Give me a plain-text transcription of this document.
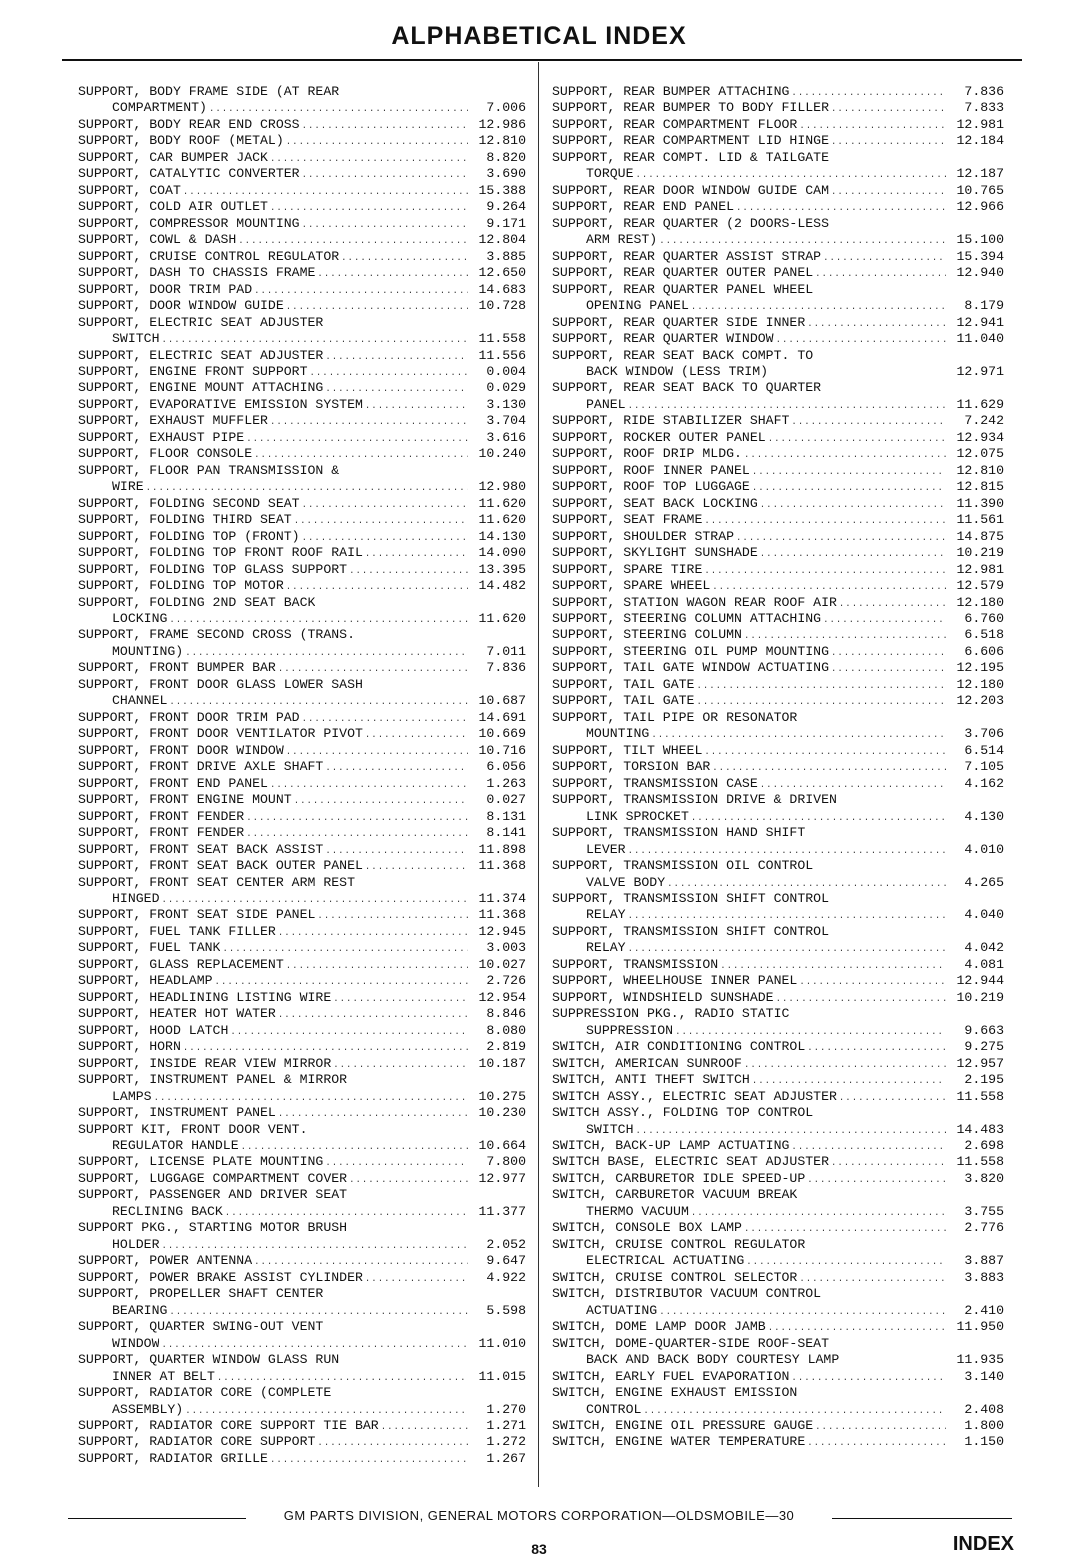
ALPHABETICAL INDEX
SUPPORT, BODY FRAME SIDE (AT REAR
COMPARTMENT) .....	7.006
SUPPORT, BODY REAR END CROSS .....	12.986
SUPPORT, BODY ROOF (METAL) .....	12.810
SUPPORT, CAR BUMPER JACK .....	8.820
SUPPORT, CATALYTIC CONVERTER .....	3.690
SUPPORT, COAT .....	15.388
SUPPORT, COLD AIR OUTLET .....	9.264
SUPPORT, COMPRESSOR MOUNTING .....	9.171
SUPPORT, COWL & DASH .....	12.804
SUPPORT, CRUISE CONTROL REGULATOR .....	3.885
SUPPORT, DASH TO CHASSIS FRAME .....	12.650
SUPPORT, DOOR TRIM PAD .....	14.683
SUPPORT, DOOR WINDOW GUIDE .....	10.728
SUPPORT, ELECTRIC SEAT ADJUSTER
SWITCH .....	11.558
SUPPORT, ELECTRIC SEAT ADJUSTER .....	11.556
SUPPORT, ENGINE FRONT SUPPORT .....	0.004
SUPPORT, ENGINE MOUNT ATTACHING .....	0.029
SUPPORT, EVAPORATIVE EMISSION SYSTEM .....	3.130
SUPPORT, EXHAUST MUFFLER .....	3.704
SUPPORT, EXHAUST PIPE .....	3.616
SUPPORT, FLOOR CONSOLE .....	10.240
SUPPORT, FLOOR PAN TRANSMISSION &
WIRE .....	12.980
SUPPORT, FOLDING SECOND SEAT .....	11.620
SUPPORT, FOLDING THIRD SEAT .....	11.620
SUPPORT, FOLDING TOP (FRONT) .....	14.130
SUPPORT, FOLDING TOP FRONT ROOF RAIL .....	14.090
SUPPORT, FOLDING TOP GLASS SUPPORT .....	13.395
SUPPORT, FOLDING TOP MOTOR .....	14.482
SUPPORT, FOLDING 2ND SEAT BACK
LOCKING .....	11.620
SUPPORT, FRAME SECOND CROSS (TRANS.
MOUNTING) .....	7.011
SUPPORT, FRONT BUMPER BAR .....	7.836
SUPPORT, FRONT DOOR GLASS LOWER SASH
CHANNEL .....	10.687
SUPPORT, FRONT DOOR TRIM PAD .....	14.691
SUPPORT, FRONT DOOR VENTILATOR PIVOT .....	10.669
SUPPORT, FRONT DOOR WINDOW .....	10.716
SUPPORT, FRONT DRIVE AXLE SHAFT .....	6.056
SUPPORT, FRONT END PANEL .....	1.263
SUPPORT, FRONT ENGINE MOUNT .....	0.027
SUPPORT, FRONT FENDER .....	8.131
SUPPORT, FRONT FENDER .....	8.141
SUPPORT, FRONT SEAT BACK ASSIST .....	11.898
SUPPORT, FRONT SEAT BACK OUTER PANEL .....	11.368
SUPPORT, FRONT SEAT CENTER ARM REST
HINGED .....	11.374
SUPPORT, FRONT SEAT SIDE PANEL .....	11.368
SUPPORT, FUEL TANK FILLER .....	12.945
SUPPORT, FUEL TANK .....	3.003
SUPPORT, GLASS REPLACEMENT .....	10.027
SUPPORT, HEADLAMP .....	2.726
SUPPORT, HEADLINING LISTING WIRE .....	12.954
SUPPORT, HEATER HOT WATER .....	8.846
SUPPORT, HOOD LATCH .....	8.080
SUPPORT, HORN .....	2.819
SUPPORT, INSIDE REAR VIEW MIRROR .....	10.187
SUPPORT, INSTRUMENT PANEL & MIRROR
LAMPS .....	10.275
SUPPORT, INSTRUMENT PANEL .....	10.230
SUPPORT KIT, FRONT DOOR VENT.
REGULATOR HANDLE .....	10.664
SUPPORT, LICENSE PLATE MOUNTING .....	7.800
SUPPORT, LUGGAGE COMPARTMENT COVER .....	12.977
SUPPORT, PASSENGER AND DRIVER SEAT
RECLINING BACK .....	11.377
SUPPORT PKG., STARTING MOTOR BRUSH
HOLDER .....	2.052
SUPPORT, POWER ANTENNA .....	9.647
SUPPORT, POWER BRAKE ASSIST CYLINDER .....	4.922
SUPPORT, PROPELLER SHAFT CENTER
BEARING .....	5.598
SUPPORT, QUARTER SWING-OUT VENT
WINDOW .....	11.010
SUPPORT, QUARTER WINDOW GLASS RUN
INNER AT BELT .....	11.015
SUPPORT, RADIATOR CORE (COMPLETE
ASSEMBLY) .....	1.270
SUPPORT, RADIATOR CORE SUPPORT TIE BAR .....	1.271
SUPPORT, RADIATOR CORE SUPPORT .....	1.272
SUPPORT, RADIATOR GRILLE .....	1.267
SUPPORT, REAR BUMPER ATTACHING .....	7.836
SUPPORT, REAR BUMPER TO BODY FILLER .....	7.833
SUPPORT, REAR COMPARTMENT FLOOR .....	12.981
SUPPORT, REAR COMPARTMENT LID HINGE .....	12.184
SUPPORT, REAR COMPT. LID & TAILGATE
TORQUE .....	12.187
SUPPORT, REAR DOOR WINDOW GUIDE CAM .....	10.765
SUPPORT, REAR END PANEL .....	12.966
SUPPORT, REAR QUARTER (2 DOORS-LESS
ARM REST) .....	15.100
SUPPORT, REAR QUARTER ASSIST STRAP .....	15.394
SUPPORT, REAR QUARTER OUTER PANEL .....	12.940
SUPPORT, REAR QUARTER PANEL WHEEL
OPENING PANEL .....	8.179
SUPPORT, REAR QUARTER SIDE INNER .....	12.941
SUPPORT, REAR QUARTER WINDOW .....	11.040
SUPPORT, REAR SEAT BACK COMPT. TO
BACK WINDOW (LESS TRIM)	12.971
SUPPORT, REAR SEAT BACK TO QUARTER
PANEL .....	11.629
SUPPORT, RIDE STABILIZER SHAFT .....	7.242
SUPPORT, ROCKER OUTER PANEL .....	12.934
SUPPORT, ROOF DRIP MLDG. .....	12.075
SUPPORT, ROOF INNER PANEL .....	12.810
SUPPORT, ROOF TOP LUGGAGE .....	12.815
SUPPORT, SEAT BACK LOCKING .....	11.390
SUPPORT, SEAT FRAME .....	11.561
SUPPORT, SHOULDER STRAP .....	14.875
SUPPORT, SKYLIGHT SUNSHADE .....	10.219
SUPPORT, SPARE TIRE .....	12.981
SUPPORT, SPARE WHEEL .....	12.579
SUPPORT, STATION WAGON REAR ROOF AIR .....	12.180
SUPPORT, STEERING COLUMN ATTACHING .....	6.760
SUPPORT, STEERING COLUMN .....	6.518
SUPPORT, STEERING OIL PUMP MOUNTING .....	6.606
SUPPORT, TAIL GATE WINDOW ACTUATING .....	12.195
SUPPORT, TAIL GATE .....	12.180
SUPPORT, TAIL GATE .....	12.203
SUPPORT, TAIL PIPE OR RESONATOR
MOUNTING .....	3.706
SUPPORT, TILT WHEEL .....	6.514
SUPPORT, TORSION BAR .....	7.105
SUPPORT, TRANSMISSION CASE .....	4.162
SUPPORT, TRANSMISSION DRIVE & DRIVEN
LINK SPROCKET .....	4.130
SUPPORT, TRANSMISSION HAND SHIFT
LEVER .....	4.010
SUPPORT, TRANSMISSION OIL CONTROL
VALVE BODY .....	4.265
SUPPORT, TRANSMISSION SHIFT CONTROL
RELAY .....	4.040
SUPPORT, TRANSMISSION SHIFT CONTROL
RELAY .....	4.042
SUPPORT, TRANSMISSION .....	4.081
SUPPORT, WHEELHOUSE INNER PANEL .....	12.944
SUPPORT, WINDSHIELD SUNSHADE .....	10.219
SUPPRESSION PKG., RADIO STATIC
SUPPRESSION .....	9.663
SWITCH, AIR CONDITIONING CONTROL .....	9.275
SWITCH, AMERICAN SUNROOF .....	12.957
SWITCH, ANTI THEFT SWITCH .....	2.195
SWITCH ASSY., ELECTRIC SEAT ADJUSTER .....	11.558
SWITCH ASSY., FOLDING TOP CONTROL
SWITCH .....	14.483
SWITCH, BACK-UP LAMP ACTUATING .....	2.698
SWITCH BASE, ELECTRIC SEAT ADJUSTER .....	11.558
SWITCH, CARBURETOR IDLE SPEED-UP .....	3.820
SWITCH, CARBURETOR VACUUM BREAK
THERMO VACUUM .....	3.755
SWITCH, CONSOLE BOX LAMP .....	2.776
SWITCH, CRUISE CONTROL REGULATOR
ELECTRICAL ACTUATING .....	3.887
SWITCH, CRUISE CONTROL SELECTOR .....	3.883
SWITCH, DISTRIBUTOR VACUUM CONTROL
ACTUATING .....	2.410
SWITCH, DOME LAMP DOOR JAMB .....	11.950
SWITCH, DOME-QUARTER-SIDE ROOF-SEAT
BACK AND BACK BODY COURTESY LAMP	11.935
SWITCH, EARLY FUEL EVAPORATION .....	3.140
SWITCH, ENGINE EXHAUST EMISSION
CONTROL .....	2.408
SWITCH, ENGINE OIL PRESSURE GAUGE .....	1.800
SWITCH, ENGINE WATER TEMPERATURE .....	1.150
GM PARTS DIVISION, GENERAL MOTORS CORPORATION—OLDSMOBILE—30
83	INDEX
